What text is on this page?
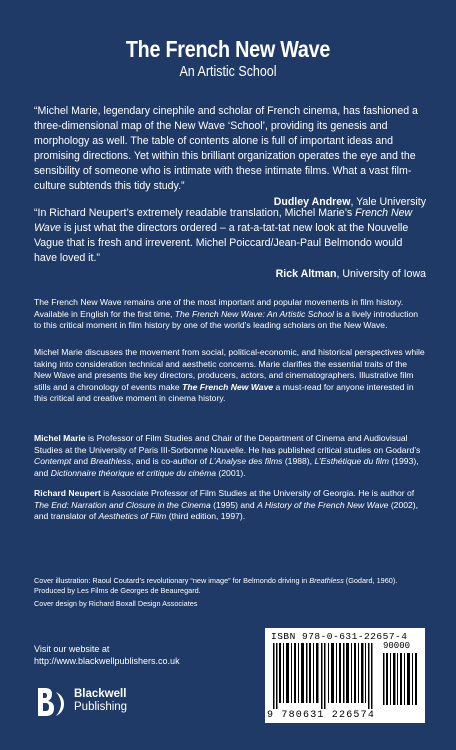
The French New Wave
An Artistic School
“Michel Marie, legendary cinephile and scholar of French cinema, has fashioned a three-dimensional map of the New Wave ‘School’, providing its genesis and morphology as well. The table of contents alone is full of important ideas and promising directions. Yet within this brilliant organization operates the eye and the sensibility of someone who is intimate with these intimate films. What a vast film-culture subtends this tidy study.”
Dudley Andrew, Yale University
“In Richard Neupert’s extremely readable translation, Michel Marie’s French New Wave is just what the directors ordered – a rat-a-tat-tat new look at the Nouvelle Vague that is fresh and irreverent. Michel Poiccard/Jean-Paul Belmondo would have loved it.”
Rick Altman, University of Iowa
The French New Wave remains one of the most important and popular movements in film history. Available in English for the first time, The French New Wave: An Artistic School is a lively introduction to this critical moment in film history by one of the world’s leading scholars on the New Wave.
Michel Marie discusses the movement from social, political-economic, and historical perspectives while taking into consideration technical and aesthetic concerns. Marie clarifies the essential traits of the New Wave and presents the key directors, producers, actors, and cinematographers. Illustrative film stills and a chronology of events make The French New Wave a must-read for anyone interested in this critical and creative moment in cinema history.
Michel Marie is Professor of Film Studies and Chair of the Department of Cinema and Audiovisual Studies at the University of Paris III-Sorbonne Nouvelle. He has published critical studies on Godard’s Contempt and Breathless, and is co-author of L’Analyse des films (1988), L’Esthétique du film (1993), and Dictionnaire théorique et critique du cinéma (2001).
Richard Neupert is Associate Professor of Film Studies at the University of Georgia. He is author of The End: Narration and Closure in the Cinema (1995) and A History of the French New Wave (2002), and translator of Aesthetics of Film (third edition, 1997).
Cover illustration: Raoul Coutard’s revolutionary “new image” for Belmondo driving in Breathless (Godard, 1960).
Produced by Les Films de Georges de Beauregard.
Cover design by Richard Boxall Design Associates
Visit our website at
http://www.blackwellpublishers.co.uk
Blackwell
Publishing
ISBN 978-0-631-22657-4
90000
9 780631 226574
